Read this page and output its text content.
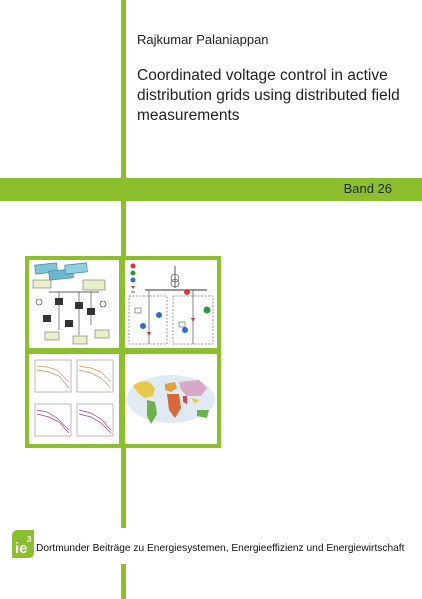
Rajkumar Palaniappan
Coordinated voltage control in active distribution grids using distributed field measurements
Band 26
ie
3
Dortmunder Beiträge zu Energiesystemen, Energieeffizienz und Energiewirtschaft
